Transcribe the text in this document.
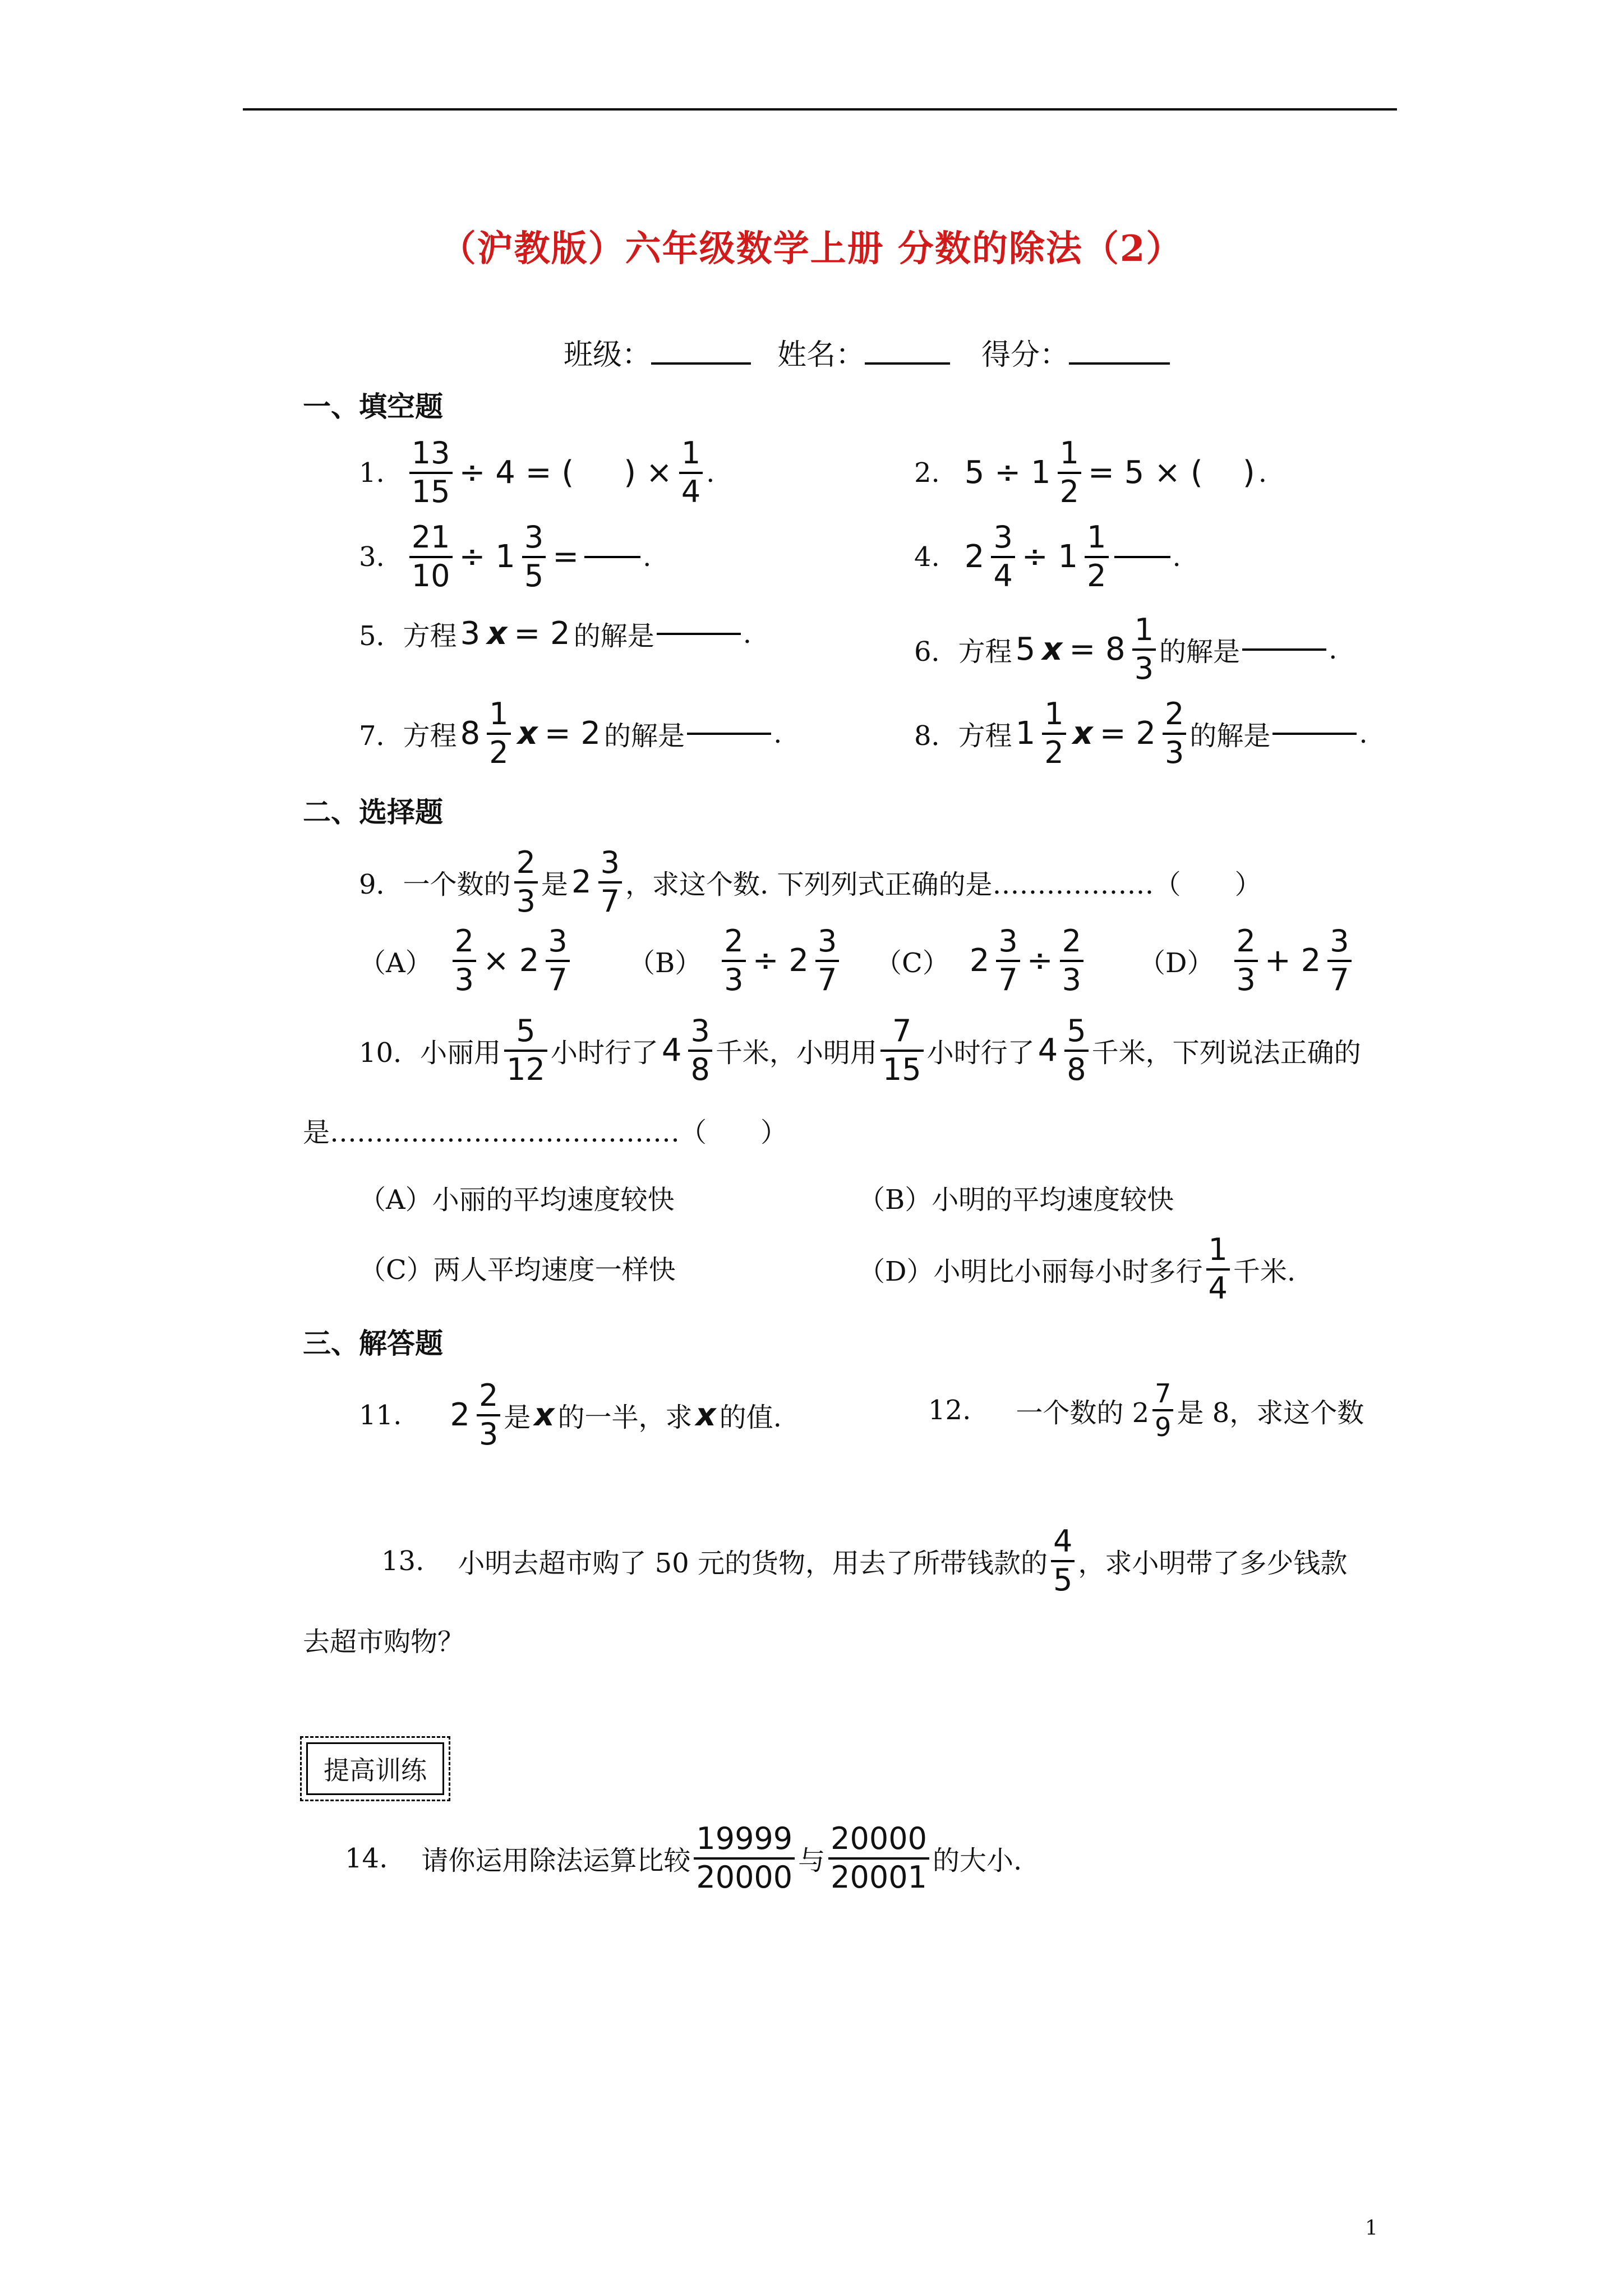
（沪教版）六年级数学上册 分数的除法（2）
班级：	姓名：	得分：
一、填空题
1. $\frac{13}{15} \div 4$ = (     ) × $\frac{1}{4}$ .	2. $5 \div 1 \frac{1}{2} = 5$ × (    ) .
3. $\frac{21}{10} \div 1 \frac{3}{5}$ = .	4. $2 \frac{3}{4} \div 1 \frac{1}{2}$ .
5． 方程 3 x = 2 的解是	.
6． 方程 5 $x = 8 \frac{1}{3}$ 的解是	.
7． 方程 $8 \frac{1}{2}$ x = 2 的解是	.	8． 方程 $1 \frac{1}{2}$ $x = 2 \frac{2}{3}$ 的解是	.
二、选择题
9． 一个数的 $\frac{2}{3}$ 是 $2 \frac{3}{7}$ ，求这个数. 下列列式正确的是………………（　　）
$(A) \frac{2}{3} \times 2 \frac{3}{7} (B) \frac{2}{3} \div 2 \frac{3}{7} (C)$ $2 \frac{3}{7} \div \frac{2}{3} (D) \frac{2}{3} + 2 \frac{3}{7}$
10． 小丽用 $\frac{5}{12}$ 小时行了 $4 \frac{3}{8}$ 千米，小明用 $\frac{7}{15}$ 小时行了 $4 \frac{5}{8}$ 千米，下列说法正确的
是…………………………………（　　）
（A）小丽的平均速度较快	（B）小明的平均速度较快
（C）两人平均速度一样快	（D）小明比小丽每小时多行 $\frac{1}{4}$ 千米.
三、解答题
11. $2 \frac{2}{3}$ 是 x 的一半，求 x 的值.	12. 一个数的 $2 \frac{7}{9}$ 是 8，求这个数
13. 小明去超市购了 50 元的货物，用去了所带钱款的 $\frac{4}{5}$ ，求小明带了多少钱款
去超市购物？
提高训练
14. 请你运用除法运算比较 $\frac{19999}{20000}$ 与 $\frac{20000}{20001}$ 的大小.
1
